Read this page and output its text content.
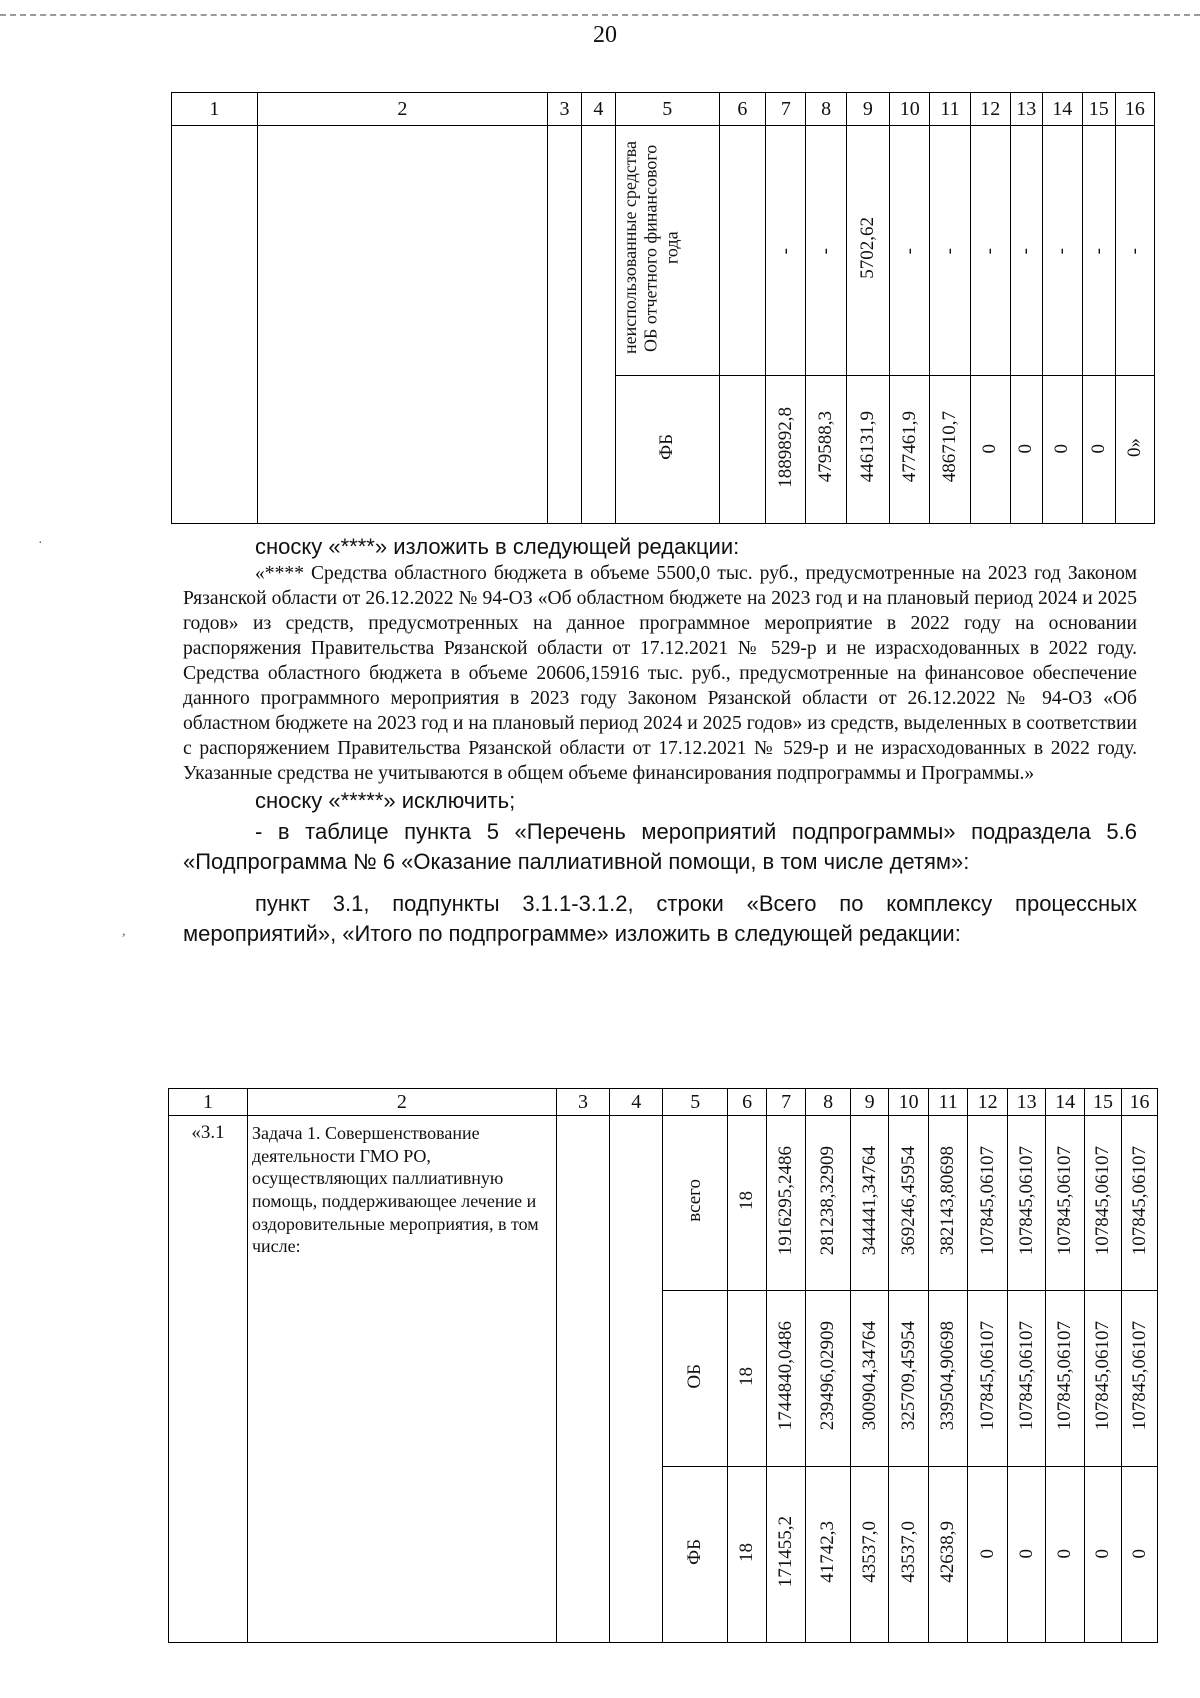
20
·
,
1	2	3	4	5	6	7	8	9	10	11	12	13	14	15	16
				неиспользованные средства ОБ отчетного финансового года		-	-	5702,62	-	-	-	-	-	-	-
				ФБ		1889892,8	479588,3	446131,9	477461,9	486710,7	0	0	0	0	0»

сноску «****» изложить в следующей редакции:

«**** Средства областного бюджета в объеме 5500,0 тыс. руб., предусмотренные на 2023 год Законом Рязанской области от 26.12.2022 № 94-ОЗ «Об областном бюджете на 2023 год и на плановый период 2024 и 2025 годов» из средств, предусмотренных на данное программное мероприятие в 2022 году на основании распоряжения Правительства Рязанской области от 17.12.2021 № 529-р и не израсходованных в 2022 году. Средства областного бюджета в объеме 20606,15916 тыс. руб., предусмотренные на финансовое обеспечение данного программного мероприятия в 2023 году Законом Рязанской области от 26.12.2022 № 94-ОЗ «Об областном бюджете на 2023 год и на плановый период 2024 и 2025 годов» из средств, выделенных в соответствии с распоряжением Правительства Рязанской области от 17.12.2021 № 529-р и не израсходованных в 2022 году. Указанные средства не учитываются в общем объеме финансирования подпрограммы и Программы.»

сноску «*****» исключить;

- в таблице пункта 5 «Перечень мероприятий подпрограммы» подраздела 5.6 «Подпрограмма № 6 «Оказание паллиативной помощи, в том числе детям»:

пункт 3.1, подпункты 3.1.1-3.1.2, строки «Всего по комплексу процессных мероприятий», «Итого по подпрограмме» изложить в следующей редакции:

1	2	3	4	5	6	7	8	9	10	11	12	13	14	15	16
«3.1	Задача 1. Совершенствование деятельности ГМО РО, осуществляющих паллиативную помощь, поддерживающее лечение и оздоровительные мероприятия, в том числе:			всего	18	1916295,2486	281238,32909	344441,34764	369246,45954	382143,80698	107845,06107	107845,06107	107845,06107	107845,06107	107845,06107
				ОБ	18	1744840,0486	239496,02909	300904,34764	325709,45954	339504,90698	107845,06107	107845,06107	107845,06107	107845,06107	107845,06107
				ФБ	18	171455,2	41742,3	43537,0	43537,0	42638,9	0	0	0	0	0
